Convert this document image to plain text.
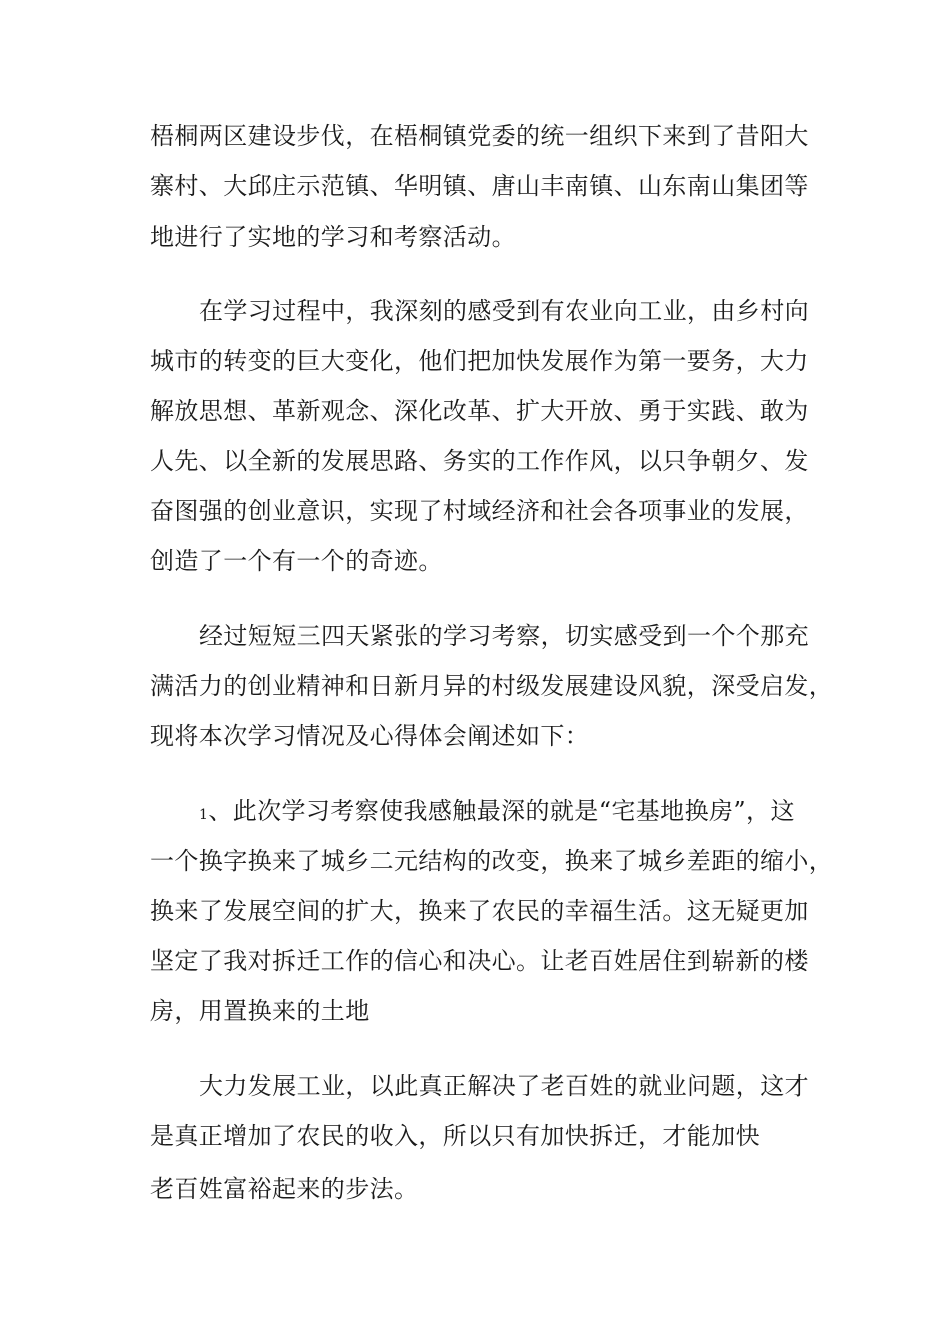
梧桐两区建设步伐，在梧桐镇党委的统一组织下来到了昔阳大
寨村、大邱庄示范镇、华明镇、唐山丰南镇、山东南山集团等
地进行了实地的学习和考察活动。
在学习过程中，我深刻的感受到有农业向工业，由乡村向
城市的转变的巨大变化，他们把加快发展作为第一要务，大力
解放思想、革新观念、深化改革、扩大开放、勇于实践、敢为
人先、以全新的发展思路、务实的工作作风，以只争朝夕、发
奋图强的创业意识，实现了村域经济和社会各项事业的发展，
创造了一个有一个的奇迹。
经过短短三四天紧张的学习考察，切实感受到一个个那充
满活力的创业精神和日新月异的村级发展建设风貌，深受启发，
现将本次学习情况及心得体会阐述如下：
1、此次学习考察使我感触最深的就是“宅基地换房”，这
一个换字换来了城乡二元结构的改变，换来了城乡差距的缩小，
换来了发展空间的扩大，换来了农民的幸福生活。这无疑更加
坚定了我对拆迁工作的信心和决心。让老百姓居住到崭新的楼
房，用置换来的土地
大力发展工业，以此真正解决了老百姓的就业问题，这才
是真正增加了农民的收入，所以只有加快拆迁，才能加快
老百姓富裕起来的步法。
